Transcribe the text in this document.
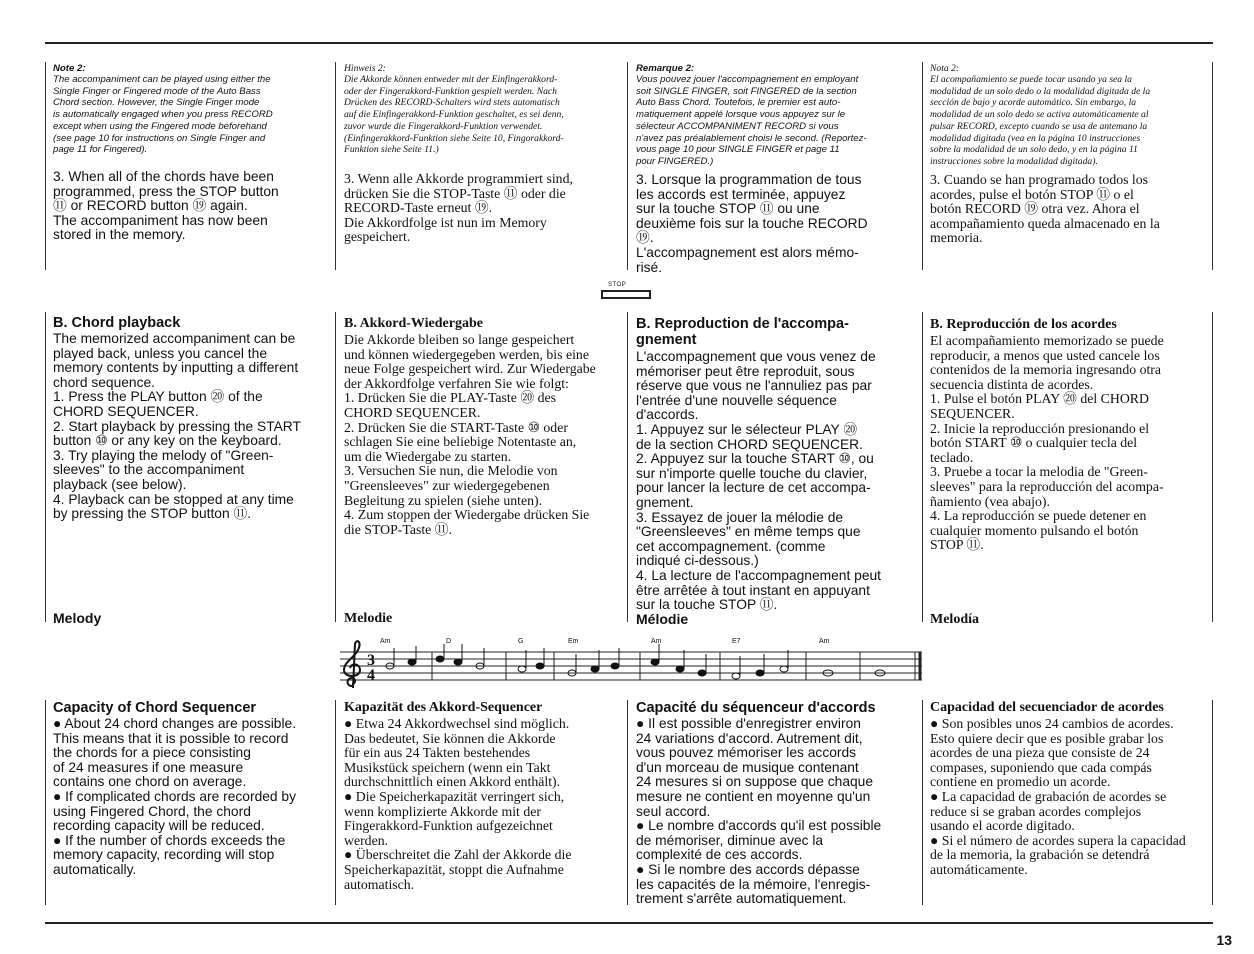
Note 2:
The accompaniment can be played using either the
Single Finger or Fingered mode of the Auto Bass
Chord section. However, the Single Finger mode
is automatically engaged when you press RECORD
except when using the Fingered mode beforehand
(see page 10 for instructions on Single Finger and
page 11 for Fingered).
3. When all of the chords have been
programmed, press the STOP button
⑪ or RECORD button ⑲ again.
The accompaniment has now been
stored in the memory.
B. Chord playback
The memorized accompaniment can be
played back, unless you cancel the
memory contents by inputting a different
chord sequence.
1. Press the PLAY button ⑳ of the
CHORD SEQUENCER.
2. Start playback by pressing the START
button ⑩ or any key on the keyboard.
3. Try playing the melody of "Green-
sleeves" to the accompaniment
playback (see below).
4. Playback can be stopped at any time
by pressing the STOP button ⑪.
Melody
Capacity of Chord Sequencer
● About 24 chord changes are possible.
This means that it is possible to record
the chords for a piece consisting
of 24 measures if one measure
contains one chord on average.
● If complicated chords are recorded by
using Fingered Chord, the chord
recording capacity will be reduced.
● If the number of chords exceeds the
memory capacity, recording will stop
automatically.
Hinweis 2:
Die Akkorde können entweder mit der Einfingerakkord-
oder der Fingerakkord-Funktion gespielt werden. Nach
Drücken des RECORD-Schalters wird stets automatisch
auf die Einfingerakkord-Funktion geschaltet, es sei denn,
zuvor wurde die Fingerakkord-Funktion verwendet.
(Einfingerakkord-Funktion siehe Seite 10, Fingorakkord-
Funktion siehe Seite 11.)
3. Wenn alle Akkorde programmiert sind,
drücken Sie die STOP-Taste ⑪ oder die
RECORD-Taste erneut ⑲.
Die Akkordfolge ist nun im Memory
gespeichert.
B. Akkord-Wiedergabe
Die Akkorde bleiben so lange gespeichert
und können wiedergegeben werden, bis eine
neue Folge gespeichert wird. Zur Wiedergabe
der Akkordfolge verfahren Sie wie folgt:
1. Drücken Sie die PLAY-Taste ⑳ des
CHORD SEQUENCER.
2. Drücken Sie die START-Taste ⑩ oder
schlagen Sie eine beliebige Notentaste an,
um die Wiedergabe zu starten.
3. Versuchen Sie nun, die Melodie von
"Greensleeves" zur wiedergegebenen
Begleitung zu spielen (siehe unten).
4. Zum stoppen der Wiedergabe drücken Sie
die STOP-Taste ⑪.
Melodie
Kapazität des Akkord-Sequencer
● Etwa 24 Akkordwechsel sind möglich.
Das bedeutet, Sie können die Akkorde
für ein aus 24 Takten bestehendes
Musikstück speichern (wenn ein Takt
durchschnittlich einen Akkord enthält).
● Die Speicherkapazität verringert sich,
wenn komplizierte Akkorde mit der
Fingerakkord-Funktion aufgezeichnet
werden.
● Überschreitet die Zahl der Akkorde die
Speicherkapazität, stoppt die Aufnahme
automatisch.
Remarque 2:
Vous pouvez jouer l'accompagnement en employant
soit SINGLE FINGER, soit FINGERED de la section
Auto Bass Chord. Toutefois, le premier est auto-
matiquement appelé lorsque vous appuyez sur le
sélecteur ACCOMPANIMENT RECORD si vous
n'avez pas préalablement choisi le second. (Reportez-
vous page 10 pour SINGLE FINGER et page 11
pour FINGERED.)
3. Lorsque la programmation de tous
les accords est terminée, appuyez
sur la touche STOP ⑪ ou une
deuxième fois sur la touche RECORD
⑲.
L'accompagnement est alors mémo-
risé.
B. Reproduction de l'accompa-
gnement
L'accompagnement que vous venez de
mémoriser peut être reproduit, sous
réserve que vous ne l'annuliez pas par
l'entrée d'une nouvelle séquence
d'accords.
1. Appuyez sur le sélecteur PLAY ⑳
de la section CHORD SEQUENCER.
2. Appuyez sur la touche START ⑩, ou
sur n'importe quelle touche du clavier,
pour lancer la lecture de cet accompa-
gnement.
3. Essayez de jouer la mélodie de
"Greensleeves" en même temps que
cet accompagnement. (comme
indiqué ci-dessous.)
4. La lecture de l'accompagnement peut
être arrêtée à tout instant en appuyant
sur la touche STOP ⑪.
Mélodie
Capacité du séquenceur d'accords
● Il est possible d'enregistrer environ
24 variations d'accord. Autrement dit,
vous pouvez mémoriser les accords
d'un morceau de musique contenant
24 mesures si on suppose que chaque
mesure ne contient en moyenne qu'un
seul accord.
● Le nombre d'accords qu'il est possible
de mémoriser, diminue avec la
complexité de ces accords.
● Si le nombre des accords dépasse
les capacités de la mémoire, l'enregis-
trement s'arrête automatiquement.
Nota 2:
El acompañamiento se puede tocar usando ya sea la
modalidad de un solo dedo o la modalidad digitada de la
sección de bajo y acorde automático. Sin embargo, la
modalidad de un solo dedo se activa automáticamente al
pulsar RECORD, excepto cuando se usa de antemano la
modalidad digitada (vea en la página 10 instrucciones
sobre la modalidad de un solo dedo, y en la página 11
instrucciones sobre la modalidad digitada).
3. Cuando se han programado todos los
acordes, pulse el botón STOP ⑪ o el
botón RECORD ⑲ otra vez. Ahora el
acompañamiento queda almacenado en la
memoria.
B. Reproducción de los acordes
El acompañamiento memorizado se puede
reproducir, a menos que usted cancele los
contenidos de la memoria ingresando otra
secuencia distinta de acordes.
1. Pulse el botón PLAY ⑳ del CHORD
SEQUENCER.
2. Inicie la reproducción presionando el
botón START ⑩ o cualquier tecla del
teclado.
3. Pruebe a tocar la melodia de "Green-
sleeves" para la reproducción del acompa-
ñamiento (vea abajo).
4. La reproducción se puede detener en
cualquier momento pulsando el botón
STOP ⑪.
Melodía
Capacidad del secuenciador de acordes
● Son posibles unos 24 cambios de acordes.
Esto quiere decir que es posible grabar los
acordes de una pieza que consiste de 24
compases, suponiendo que cada compás
contiene en promedio un acorde.
● La capacidad de grabación de acordes se
reduce si se graban acordes complejos
usando el acorde digitado.
● Si el número de acordes supera la capacidad
de la memoria, la grabación se detendrá
automáticamente.
STOP
3
4
Am	D	G	Em	Am	E7	Am
13
